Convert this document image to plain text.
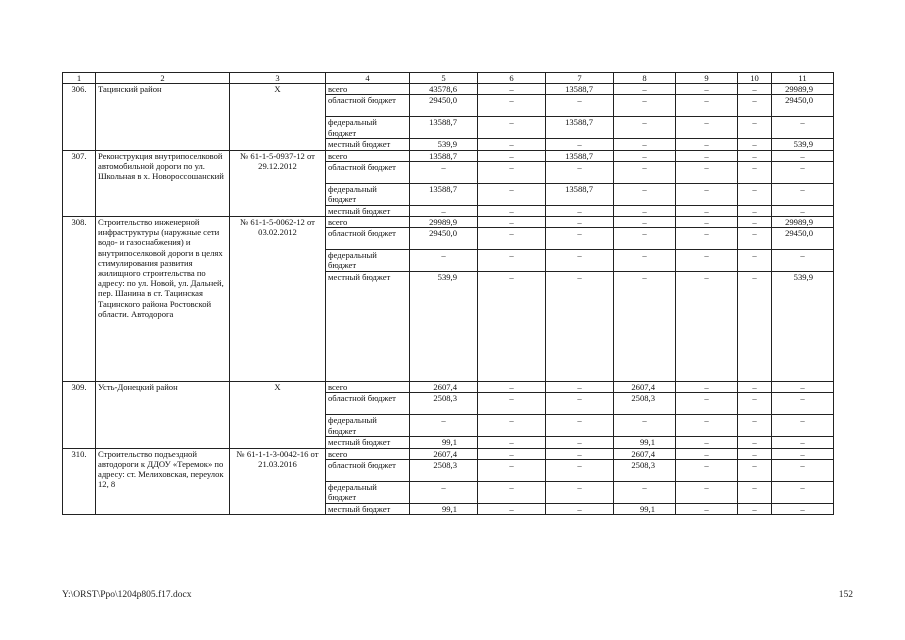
1	2	3	4	5	6	7	8	9	10	11
306.	Тацинский район	Х	всего	43578,6	–	13588,7	–	–	–	29989,9
			областной бюджет	29450,0	–	–	–	–	–	29450,0
			федеральный бюджет	13588,7	–	13588,7	–	–	–	–
			местный бюджет	539,9	–	–	–	–	–	539,9
307.	Реконструкция внутрипоселковой автомобильной дороги по ул. Школьная в х. Новороссошанский	№ 61-1-5-0937-12 от 29.12.2012	всего	13588,7	–	13588,7	–	–	–	–
			областной бюджет	–	–	–	–	–	–	–
			федеральный бюджет	13588,7	–	13588,7	–	–	–	–
			местный бюджет	–	–	–	–	–	–	–
308.	Строительство инженерной инфраструктуры (наружные сети водо- и газоснабжения) и внутрипоселковой дороги в целях стимулирования развития жилищного строительства по адресу: по ул. Новой, ул. Дальней, пер. Шанина в ст. Тацинская Тацинского района Ростовской области. Автодорога	№ 61-1-5-0062-12 от 03.02.2012	всего	29989,9	–	–	–	–	–	29989,9
			областной бюджет	29450,0	–	–	–	–	–	29450,0
			федеральный бюджет	–	–	–	–	–	–	–
			местный бюджет	539,9	–	–	–	–	–	539,9
309.	Усть-Донецкий район	Х	всего	2607,4	–	–	2607,4	–	–	–
			областной бюджет	2508,3	–	–	2508,3	–	–	–
			федеральный бюджет	–	–	–	–	–	–	–
			местный бюджет	99,1	–	–	99,1	–	–	–
310.	Строительство подъездной автодороги к ДДОУ «Теремок» по адресу: ст. Мелиховская, переулок 12, 8	№ 61-1-1-3-0042-16 от 21.03.2016	всего	2607,4	–	–	2607,4	–	–	–
			областной бюджет	2508,3	–	–	2508,3	–	–	–
			федеральный бюджет	–	–	–	–	–	–	–
			местный бюджет	99,1	–	–	99,1	–	–	–
Y:\ORST\Ppo\1204p805.f17.docx	152
